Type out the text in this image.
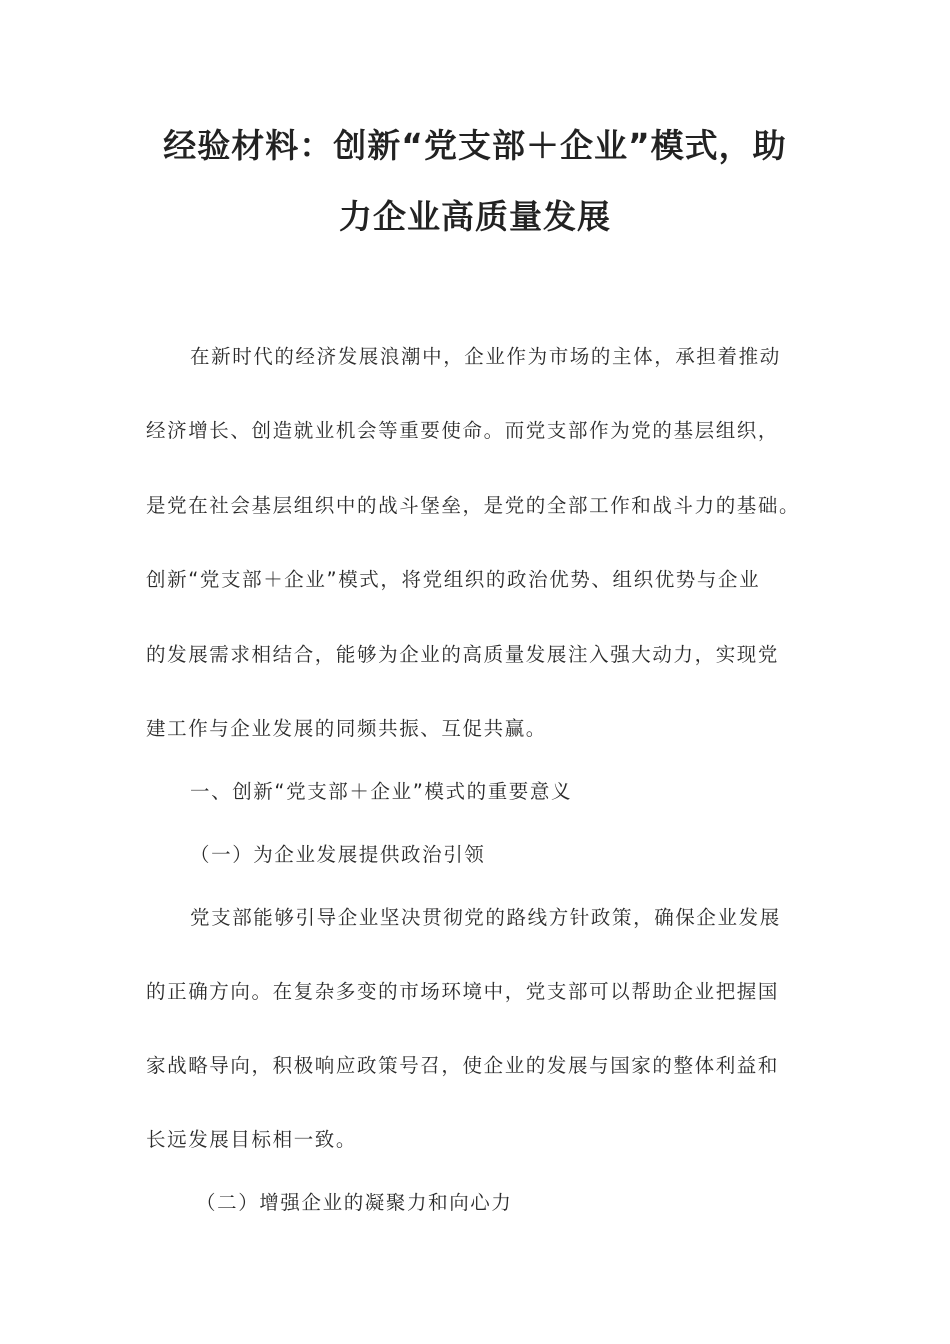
经验材料：创新“党支部＋企业”模式，助
力企业高质量发展
在新时代的经济发展浪潮中，企业作为市场的主体，承担着推动
经济增长、创造就业机会等重要使命。而党支部作为党的基层组织，
是党在社会基层组织中的战斗堡垒，是党的全部工作和战斗力的基础。
创新“党支部＋企业”模式，将党组织的政治优势、组织优势与企业
的发展需求相结合，能够为企业的高质量发展注入强大动力，实现党
建工作与企业发展的同频共振、互促共赢。
一、创新“党支部＋企业”模式的重要意义
（一）为企业发展提供政治引领
党支部能够引导企业坚决贯彻党的路线方针政策，确保企业发展
的正确方向。在复杂多变的市场环境中，党支部可以帮助企业把握国
家战略导向，积极响应政策号召，使企业的发展与国家的整体利益和
长远发展目标相一致。
（二）增强企业的凝聚力和向心力
